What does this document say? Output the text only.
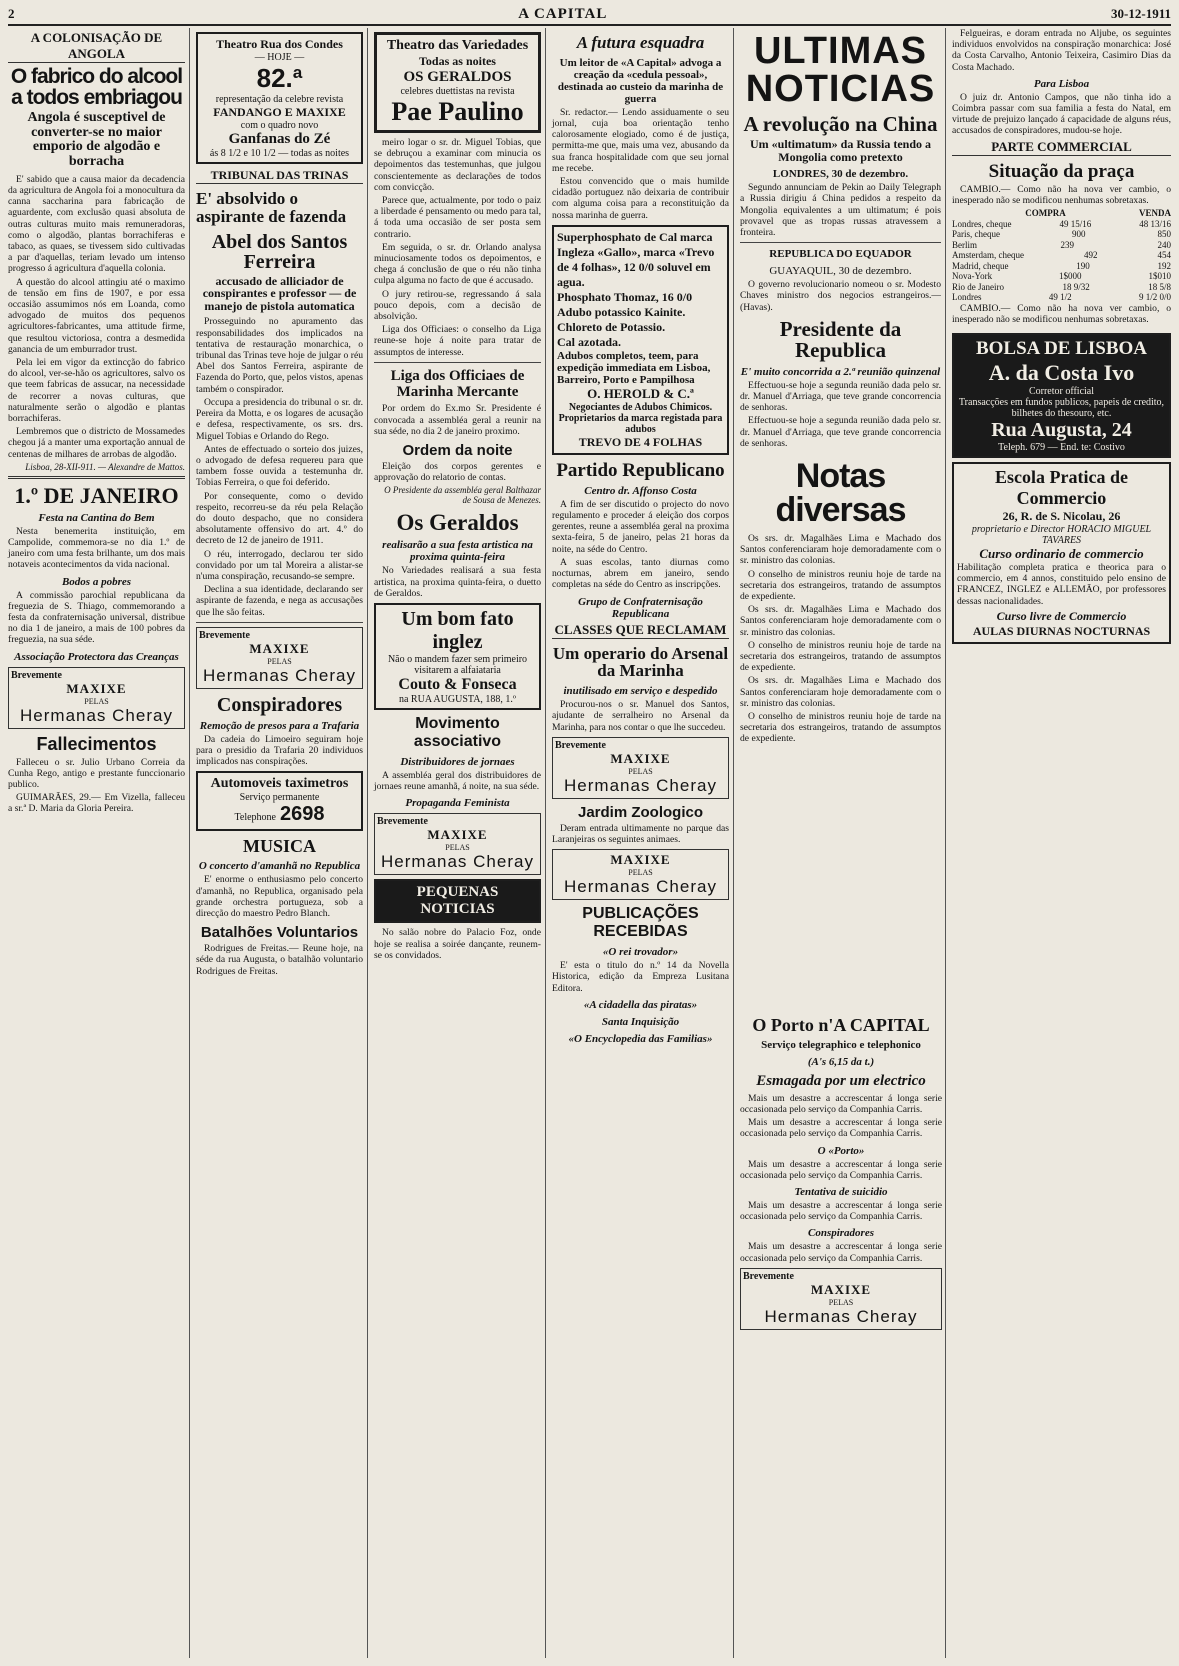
2	A CAPITAL	30-12-1911
A COLONISAÇÃO DE ANGOLA
O fabrico do alcool a todos embriagou
Angola é susceptivel de converter-se no maior emporio de algodão e borracha

E' sabido que a causa maior da decadencia da agricultura de Angola foi a monocultura da canna saccharina para fabricação de aguardente, com exclusão quasi absoluta de outras culturas muito mais remuneradoras, como o algodão, plantas borrachiferas e tabaco, as quaes, se tivessem sido cultivadas a par d'aquellas, teriam levado um intenso progresso á agricultura d'aquella colonia.

A questão do alcool attingiu até o maximo de tensão em fins de 1907, e por essa occasião assumimos nós em Loanda, como advogado de muitos dos pequenos agricultores-fabricantes, uma attitude firme, que resultou victoriosa, contra a desmedida ganancia de um emburrador trust.

Pela lei em vigor da extincção do fabrico do alcool, ver-se-hão os agricultores, salvo os que teem fabricas de assucar, na necessidade de recorrer a novas culturas, que naturalmente serão o algodão e plantas borrachiferas.

Lembremos que o districto de Mossamedes chegou já a manter uma exportação annual de centenas de milhares de arrobas de algodão.

Lisboa, 28-XII-911. — Alexandre de Mattos.
1.º DE JANEIRO
Festa na Cantina do Bem

Nesta benemerita instituição, em Campolide, commemora-se no dia 1.º de janeiro com uma festa brilhante, um dos mais notaveis acontecimentos da vida nacional.

Bodos a pobres

A commissão parochial republicana da freguezia de S. Thiago, commemorando a festa da confraternisação universal, distribue no dia 1 de janeiro, a mais de 100 pobres da freguezia, na sua séde.

Associação Protectora das Creanças
Brevemente
MAXIXE
PELAS
Hermanas Cheray
Fallecimentos

Falleceu o sr. Julio Urbano Correia da Cunha Rego, antigo e prestante funccionario publico.

GUIMARÃES, 29.— Em Vizella, falleceu a sr.ª D. Maria da Gloria Pereira.

Theatro Rua dos Condes
— HOJE —
82.ª
representação da celebre revista
FANDANGO E MAXIXE
com o quadro novo
Ganfanas do Zé
ás 8 1/2 e 10 1/2 — todas as noites
TRIBUNAL DAS TRINAS
E' absolvido o aspirante de fazenda
Abel dos Santos Ferreira
accusado de alliciador de conspirantes e professor — de manejo de pistola automatica

Prosseguindo no apuramento das responsabilidades dos implicados na tentativa de restauração monarchica, o tribunal das Trinas teve hoje de julgar o réu Abel dos Santos Ferreira, aspirante de Fazenda do Porto, que, pelos vistos, apenas também o conspirador.

Occupa a presidencia do tribunal o sr. dr. Pereira da Motta, e os logares de acusação e defesa, respectivamente, os srs. drs. Miguel Tobias e Orlando do Rego.

Antes de effectuado o sorteio dos juizes, o advogado de defesa requereu para que tambem fosse ouvida a testemunha dr. Tobias Ferreira, o que foi deferido.

Por consequente, como o devido respeito, recorreu-se da réu pela Relação do douto despacho, que no considera absolutamente offensivo do art. 4.º do decreto de 12 de janeiro de 1911.

O réu, interrogado, declarou ter sido convidado por um tal Moreira a alistar-se n'uma conspiração, recusando-se sempre.

Declina a sua identidade, declarando ser aspirante de fazenda, e nega as accusações que lhe são feitas.

Brevemente
MAXIXE
PELAS
Hermanas Cheray
Conspiradores
Remoção de presos para a Trafaria

Da cadeia do Limoeiro seguiram hoje para o presidio da Trafaria 20 individuos implicados nas conspirações.

Automoveis taximetros
Serviço permanente
Telephone 2698
MUSICA
O concerto d'amanhã no Republica

E' enorme o enthusiasmo pelo concerto d'amanhã, no Republica, organisado pela grande orchestra portugueza, sob a direcção do maestro Pedro Blanch.

Batalhões Voluntarios

Rodrigues de Freitas.— Reune hoje, na séde da rua Augusta, o batalhão voluntario Rodrigues de Freitas.

Theatro das Variedades
Todas as noites
OS GERALDOS
celebres duettistas na revista
Pae Paulino

meiro logar o sr. dr. Miguel Tobias, que se debruçou a examinar com minucia os depoimentos das testemunhas, que julgou conscientemente as declarações de todos com convicção.

Parece que, actualmente, por todo o paiz a liberdade é pensamento ou medo para tal, á toda uma occasião de ser posta sem contrario.

Em seguida, o sr. dr. Orlando analysa minuciosamente todos os depoimentos, e chega á conclusão de que o réu não tinha culpa alguma no facto de que é accusado.

O jury retirou-se, regressando á sala pouco depois, com a decisão de absolvição.

Liga dos Officiaes: o conselho da Liga reune-se hoje á noite para tratar de assumptos de interesse.

Liga dos Officiaes de Marinha Mercante

Por ordem do Ex.mo Sr. Presidente é convocada a assembléa geral a reunir na sua séde, no dia 2 de janeiro proximo.

Ordem da noite

Eleição dos corpos gerentes e approvação do relatorio de contas.

O Presidente da assembléa geral Balthazar de Sousa de Menezes.
Os Geraldos
realisarão a sua festa artistica na proxima quinta-feira

No Variedades realisará a sua festa artistica, na proxima quinta-feira, o duetto de Geraldos.

Um bom fato inglez
Não o mandem fazer sem primeiro visitarem a alfaiataria
Couto & Fonseca
na RUA AUGUSTA, 188, 1.º
Movimento associativo
Distribuidores de jornaes

A assembléa geral dos distribuidores de jornaes reune amanhã, á noite, na sua séde.

Propaganda Feminista
Brevemente
MAXIXE
PELAS
Hermanas Cheray
PEQUENAS NOTICIAS

No salão nobre do Palacio Foz, onde hoje se realisa a soirée dançante, reunem-se os convidados.

A futura esquadra
Um leitor de «A Capital» advoga a creação da «cedula pessoal», destinada ao custeio da marinha de guerra

Sr. redactor.— Lendo assiduamente o seu jornal, cuja boa orientação tenho calorosamente elogiado, como é de justiça, permitta-me que, mais uma vez, abusando da sua franca hospitalidade com que seu jornal me recebe.

Estou convencido que o mais humilde cidadão portuguez não deixaria de contribuir com alguma coisa para a reconstituição da nossa marinha de guerra.

Superphosphato de Cal marca
Ingleza «Gallo», marca «Trevo de 4 folhas», 12 0/0 soluvel em agua.
Phosphato Thomaz, 16 0/0
Adubo potassico Kainite.
Chloreto de Potassio.
Cal azotada.
Adubos completos, teem, para expedição immediata em Lisboa, Barreiro, Porto e Pampilhosa
O. HEROLD & C.ª
Negociantes de Adubos Chimicos. Proprietarios da marca registada para adubos
TREVO DE 4 FOLHAS
Partido Republicano
Centro dr. Affonso Costa

A fim de ser discutido o projecto do novo regulamento e proceder á eleição dos corpos gerentes, reune a assembléa geral na proxima sexta-feira, 5 de janeiro, pelas 21 horas da noite, na séde do Centro.

A suas escolas, tanto diurnas como nocturnas, abrem em janeiro, sendo completas na séde do Centro as inscripções.

Grupo de Confraternisação Republicana
CLASSES QUE RECLAMAM
Um operario do Arsenal da Marinha
inutilisado em serviço e despedido

Procurou-nos o sr. Manuel dos Santos, ajudante de serralheiro no Arsenal da Marinha, para nos contar o que lhe succedeu.

Brevemente
MAXIXE
PELAS
Hermanas Cheray
Jardim Zoologico

Deram entrada ultimamente no parque das Laranjeiras os seguintes animaes.

MAXIXE
PELAS
Hermanas Cheray
PUBLICAÇÕES RECEBIDAS
«O rei trovador»

E' esta o titulo do n.º 14 da Novella Historica, edição da Empreza Lusitana Editora.

«A cidadella das piratas»
Santa Inquisição
«O Encyclopedia das Familias»
ULTIMAS NOTICIAS
A revolução na China
Um «ultimatum» da Russia tendo a Mongolia como pretexto
LONDRES, 30 de dezembro.

Segundo annunciam de Pekin ao Daily Telegraph a Russia dirigiu á China pedidos a respeito da Mongolia equivalentes a um ultimatum; é pois provavel que as tropas russas atravessem a fronteira.

REPUBLICA DO EQUADOR
GUAYAQUIL, 30 de dezembro.

O governo revolucionario nomeou o sr. Modesto Chaves ministro dos negocios estrangeiros.— (Havas).

Presidente da Republica
E' muito concorrida a 2.ª reunião quinzenal

Effectuou-se hoje a segunda reunião dada pelo sr. dr. Manuel d'Arriaga, que teve grande concorrencia de senhoras.

Effectuou-se hoje a segunda reunião dada pelo sr. dr. Manuel d'Arriaga, que teve grande concorrencia de senhoras.

Notas diversas

Os srs. dr. Magalhães Lima e Machado dos Santos conferenciaram hoje demoradamente com o sr. ministro das colonias.

O conselho de ministros reuniu hoje de tarde na secretaria dos estrangeiros, tratando de assumptos de expediente.

Os srs. dr. Magalhães Lima e Machado dos Santos conferenciaram hoje demoradamente com o sr. ministro das colonias.

O conselho de ministros reuniu hoje de tarde na secretaria dos estrangeiros, tratando de assumptos de expediente.

Os srs. dr. Magalhães Lima e Machado dos Santos conferenciaram hoje demoradamente com o sr. ministro das colonias.

O conselho de ministros reuniu hoje de tarde na secretaria dos estrangeiros, tratando de assumptos de expediente.

Felgueiras, e doram entrada no Aljube, os seguintes individuos envolvidos na conspiração monarchica: José da Costa Carvalho, Antonio Teixeira, Casimiro Dias da Costa Machado.

Para Lisboa

O juiz dr. Antonio Campos, que não tinha ido a Coimbra passar com sua familia a festa do Natal, em virtude de prejuizo lançado á capacidade de alguns réus, accusados de conspiradores, mudou-se hoje.

PARTE COMMERCIAL
Situação da praça

CAMBIO.— Como não ha nova ver cambio, o inesperado não se modificou nenhumas sobretaxas.

COMPRA	VENDA
Londres, cheque	49 15/16	48 13/16
Paris, cheque	900	850
Berlim	239	240
Amsterdam, cheque	492	454
Madrid, cheque	190	192
Nova-York	1$000	1$010
Rio de Janeiro	18 9/32	18 5/8
Londres	49 1/2	9 1/2 0/0

CAMBIO.— Como não ha nova ver cambio, o inesperado não se modificou nenhumas sobretaxas.

BOLSA DE LISBOA
A. da Costa Ivo
Corretor official
Transacções em fundos publicos, papeis de credito, bilhetes do thesouro, etc.
Rua Augusta, 24
Teleph. 679 — End. te: Costivo
Escola Pratica de Commercio
26, R. de S. Nicolau, 26
proprietario e Director HORACIO MIGUEL TAVARES
Curso ordinario de commercio

Habilitação completa pratica e theorica para o commercio, em 4 annos, constituido pelo ensino de FRANCEZ, INGLEZ e ALLEMÃO, por professores dessas nacionalidades.

Curso livre de Commercio
AULAS DIURNAS NOCTURNAS
O Porto n'A CAPITAL
Serviço telegraphico e telephonico
(A's 6,15 da t.)
Esmagada por um electrico

Mais um desastre a accrescentar á longa serie occasionada pelo serviço da Companhia Carris.

Mais um desastre a accrescentar á longa serie occasionada pelo serviço da Companhia Carris.

O «Porto»

Mais um desastre a accrescentar á longa serie occasionada pelo serviço da Companhia Carris.

Tentativa de suicidio

Mais um desastre a accrescentar á longa serie occasionada pelo serviço da Companhia Carris.

Conspiradores

Mais um desastre a accrescentar á longa serie occasionada pelo serviço da Companhia Carris.

Brevemente
MAXIXE
PELAS
Hermanas Cheray
